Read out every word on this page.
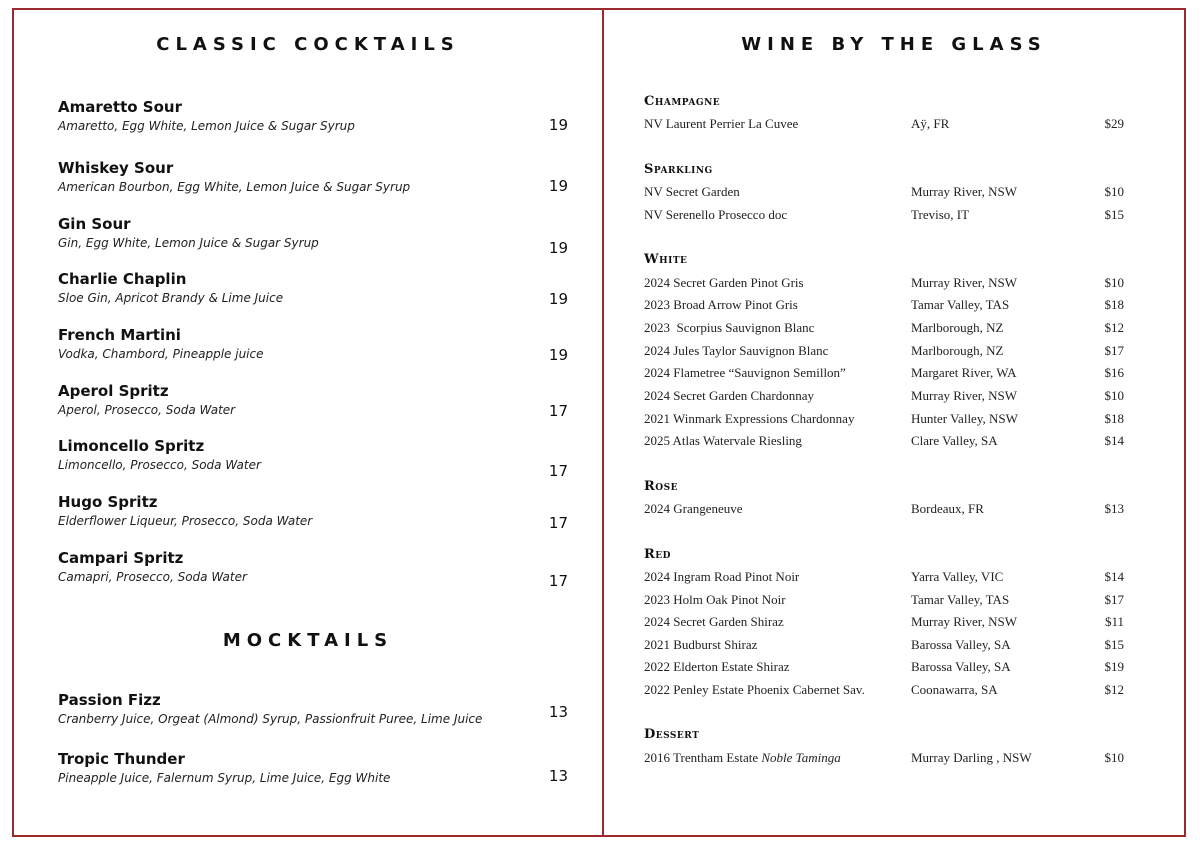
CLASSIC COCKTAILS
Amaretto Sour
Amaretto, Egg White, Lemon Juice & Sugar Syrup	19
Whiskey Sour
American Bourbon, Egg White, Lemon Juice & Sugar Syrup	19
Gin Sour
Gin, Egg White, Lemon Juice & Sugar Syrup	19
Charlie Chaplin
Sloe Gin, Apricot Brandy & Lime Juice	19
French Martini
Vodka, Chambord, Pineapple juice	19
Aperol Spritz
Aperol, Prosecco, Soda Water	17
Limoncello Spritz
Limoncello, Prosecco, Soda Water	17
Hugo Spritz
Elderflower Liqueur, Prosecco, Soda Water	17
Campari Spritz
Camapri, Prosecco, Soda Water	17
MOCKTAILS
Passion Fizz
Cranberry Juice, Orgeat (Almond) Syrup, Passionfruit Puree, Lime Juice	13
Tropic Thunder
Pineapple Juice, Falernum Syrup, Lime Juice, Egg White	13
WINE BY THE GLASS
Champagne
NV Laurent Perrier La Cuvee	Aÿ, FR	$29
Sparkling
NV Secret Garden	Murray River, NSW	$10
NV Serenello Prosecco doc	Treviso, IT	$15
White
2024 Secret Garden Pinot Gris	Murray River, NSW	$10
2023 Broad Arrow Pinot Gris	Tamar Valley, TAS	$18
2023  Scorpius Sauvignon Blanc	Marlborough, NZ	$12
2024 Jules Taylor Sauvignon Blanc	Marlborough, NZ	$17
2024 Flametree “Sauvignon Semillon”	Margaret River, WA	$16
2024 Secret Garden Chardonnay	Murray River, NSW	$10
2021 Winmark Expressions Chardonnay	Hunter Valley, NSW	$18
2025 Atlas Watervale Riesling	Clare Valley, SA	$14
Rose
2024 Grangeneuve	Bordeaux, FR	$13
Red
2024 Ingram Road Pinot Noir	Yarra Valley, VIC	$14
2023 Holm Oak Pinot Noir	Tamar Valley, TAS	$17
2024 Secret Garden Shiraz	Murray River, NSW	$11
2021 Budburst Shiraz	Barossa Valley, SA	$15
2022 Elderton Estate Shiraz	Barossa Valley, SA	$19
2022 Penley Estate Phoenix Cabernet Sav.	Coonawarra, SA	$12
Dessert
2016 Trentham Estate Noble Taminga	Murray Darling , NSW	$10
